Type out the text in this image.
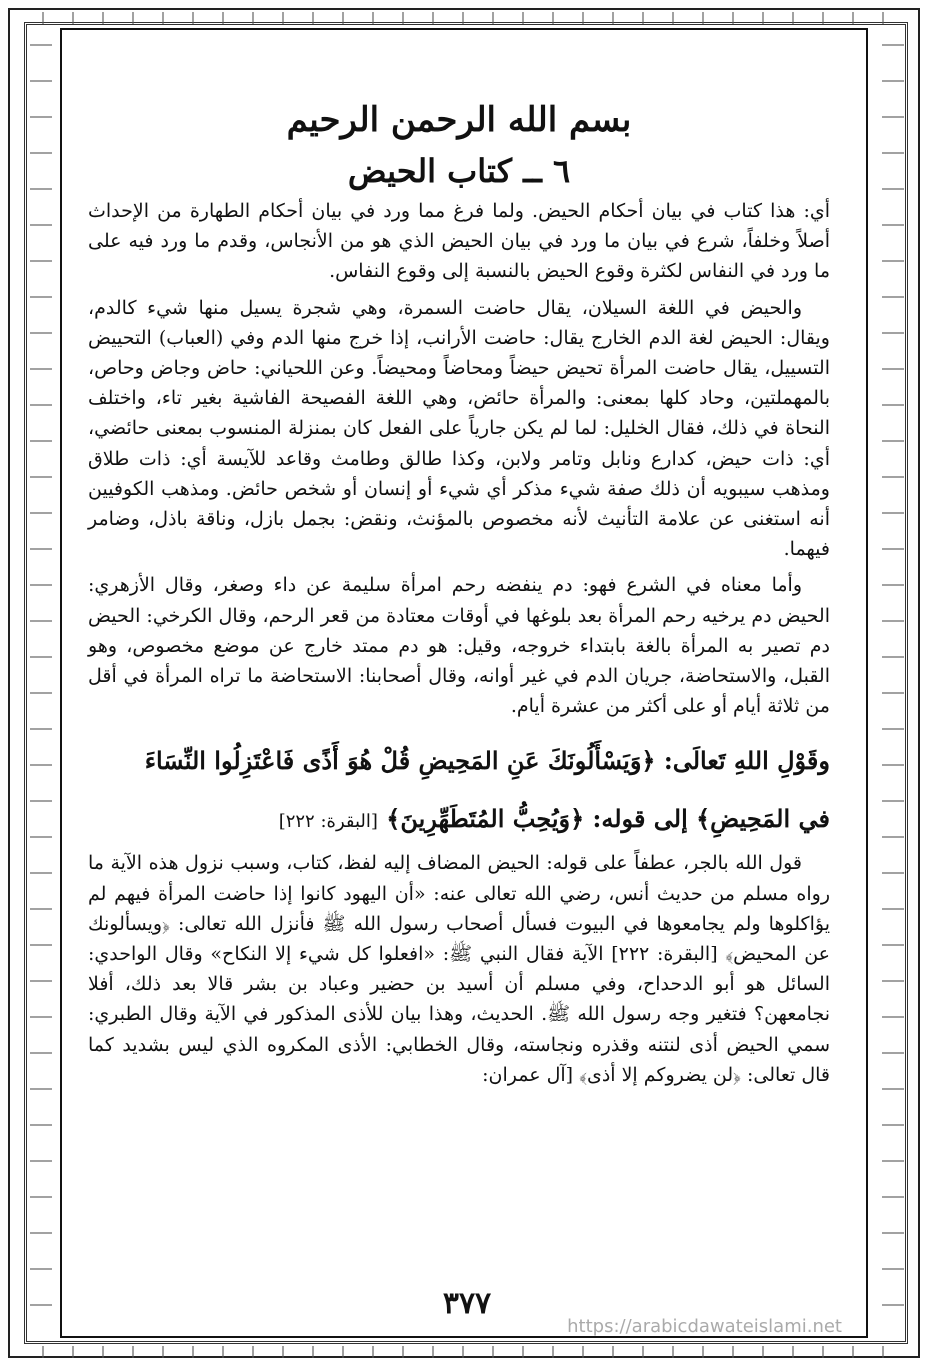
بسم الله الرحمن الرحيم
٦ ــ كتاب الحيض

أي: هذا كتاب في بيان أحكام الحيض. ولما فرغ مما ورد في بيان أحكام الطهارة من الإحداث أصلاً وخلفاً، شرع في بيان ما ورد في بيان الحيض الذي هو من الأنجاس، وقدم ما ورد فيه على ما ورد في النفاس لكثرة وقوع الحيض بالنسبة إلى وقوع النفاس.

والحيض في اللغة السيلان، يقال حاضت السمرة، وهي شجرة يسيل منها شيء كالدم، ويقال: الحيض لغة الدم الخارج يقال: حاضت الأرانب، إذا خرج منها الدم وفي (العباب) التحييض التسييل، يقال حاضت المرأة تحيض حيضاً ومحاضاً ومحيضاً. وعن اللحياني: حاض وجاض وحاص، بالمهملتين، وحاد كلها بمعنى: والمرأة حائض، وهي اللغة الفصيحة الفاشية بغير تاء، واختلف النحاة في ذلك، فقال الخليل: لما لم يكن جارياً على الفعل كان بمنزلة المنسوب بمعنى حائضي، أي: ذات حيض، كدارع ونابل وتامر ولابن، وكذا طالق وطامث وقاعد للآيسة أي: ذات طلاق ومذهب سيبويه أن ذلك صفة شيء مذكر أي شيء أو إنسان أو شخص حائض. ومذهب الكوفيين أنه استغنى عن علامة التأنيث لأنه مخصوص بالمؤنث، ونقض: بجمل بازل، وناقة باذل، وضامر فيهما.

وأما معناه في الشرع فهو: دم ينفضه رحم امرأة سليمة عن داء وصغر، وقال الأزهري: الحيض دم يرخيه رحم المرأة بعد بلوغها في أوقات معتادة من قعر الرحم، وقال الكرخي: الحيض دم تصير به المرأة بالغة بابتداء خروجه، وقيل: هو دم ممتد خارج عن موضع مخصوص، وهو القبل، والاستحاضة، جريان الدم في غير أوانه، وقال أصحابنا: الاستحاضة ما تراه المرأة في أقل من ثلاثة أيام أو على أكثر من عشرة أيام.

وقَوْلِ اللهِ تَعالَى: ﴿وَيَسْأَلُونَكَ عَنِ المَحِيضِ قُلْ هُوَ أَذًى فَاعْتَزِلُوا النِّسَاءَ
في المَحِيضِ﴾ إلى قوله: ﴿وَيُحِبُّ المُتَطَهِّرِينَ﴾ [البقرة: ٢٢٢]

قول الله بالجر، عطفاً على قوله: الحيض المضاف إليه لفظ، كتاب، وسبب نزول هذه الآية ما رواه مسلم من حديث أنس، رضي الله تعالى عنه: «أن اليهود كانوا إذا حاضت المرأة فيهم لم يؤاكلوها ولم يجامعوها في البيوت فسأل أصحاب رسول الله ﷺ فأنزل الله تعالى: ﴿ويسألونك عن المحيض﴾ [البقرة: ٢٢٢] الآية فقال النبي ﷺ: «افعلوا كل شيء إلا النكاح» وقال الواحدي: السائل هو أبو الدحداح، وفي مسلم أن أسيد بن حضير وعباد بن بشر قالا بعد ذلك، أفلا نجامعهن؟ فتغير وجه رسول الله ﷺ. الحديث، وهذا بيان للأذى المذكور في الآية وقال الطبري: سمي الحيض أذى لنتنه وقذره ونجاسته، وقال الخطابي: الأذى المكروه الذي ليس بشديد كما قال تعالى: ﴿لن يضروكم إلا أذى﴾ [آل عمران:

٣٧٧
https://arabicdawateislami.net
